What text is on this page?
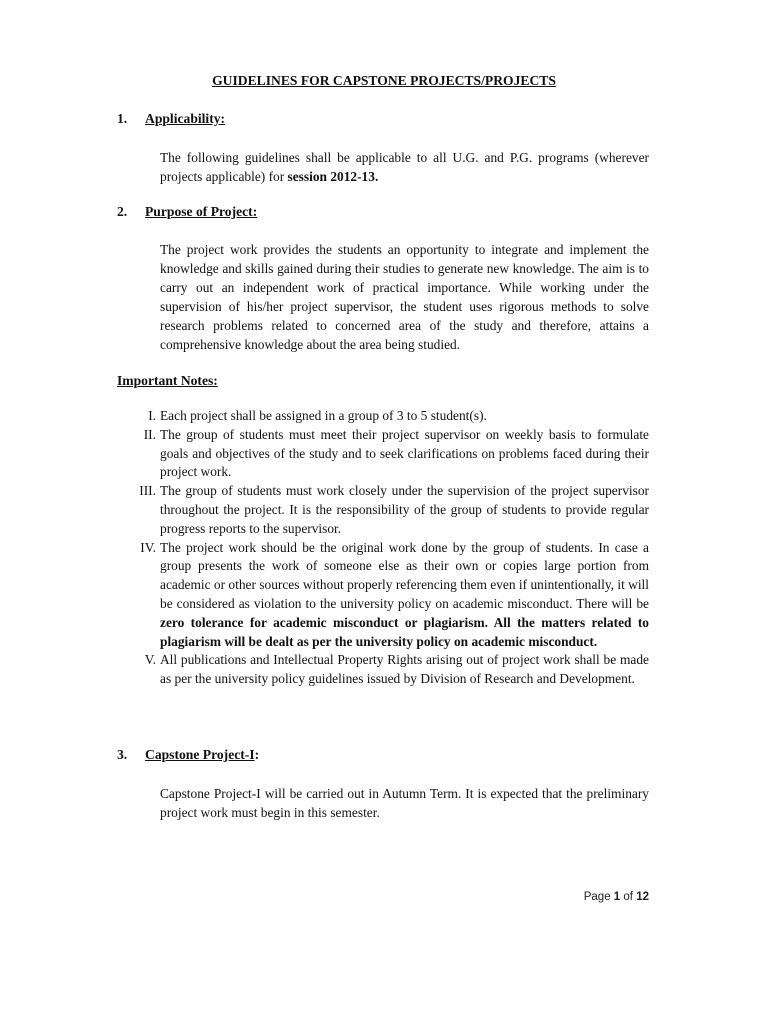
GUIDELINES FOR CAPSTONE PROJECTS/PROJECTS
1. Applicability:
The following guidelines shall be applicable to all U.G. and P.G. programs (wherever projects applicable) for session 2012-13.
2. Purpose of Project:
The project work provides the students an opportunity to integrate and implement the knowledge and skills gained during their studies to generate new knowledge. The aim is to carry out an independent work of practical importance. While working under the supervision of his/her project supervisor, the student uses rigorous methods to solve research problems related to concerned area of the study and therefore, attains a comprehensive knowledge about the area being studied.
Important Notes:
I. Each project shall be assigned in a group of 3 to 5 student(s).
II. The group of students must meet their project supervisor on weekly basis to formulate goals and objectives of the study and to seek clarifications on problems faced during their project work.
III. The group of students must work closely under the supervision of the project supervisor throughout the project. It is the responsibility of the group of students to provide regular progress reports to the supervisor.
IV. The project work should be the original work done by the group of students. In case a group presents the work of someone else as their own or copies large portion from academic or other sources without properly referencing them even if unintentionally, it will be considered as violation to the university policy on academic misconduct. There will be zero tolerance for academic misconduct or plagiarism. All the matters related to plagiarism will be dealt as per the university policy on academic misconduct.
V. All publications and Intellectual Property Rights arising out of project work shall be made as per the university policy guidelines issued by Division of Research and Development.
3. Capstone Project-I:
Capstone Project-I will be carried out in Autumn Term. It is expected that the preliminary project work must begin in this semester.
Page 1 of 12
